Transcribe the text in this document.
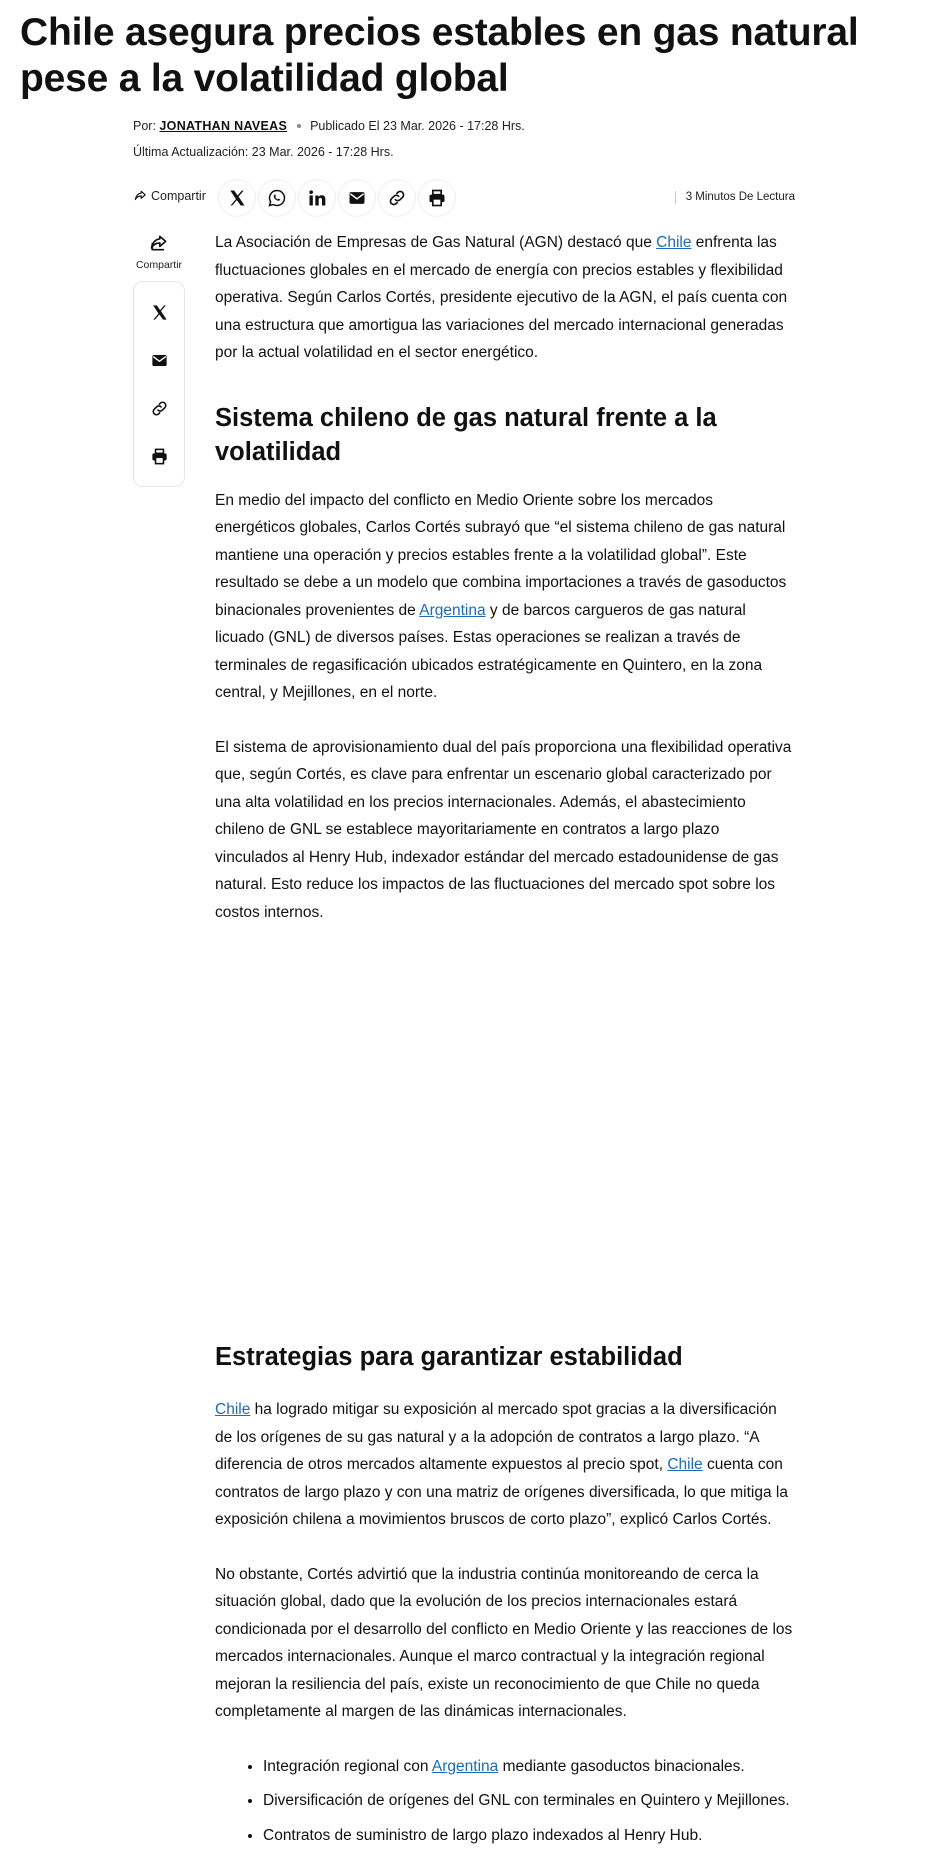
Chile asegura precios estables en gas natural pese a la volatilidad global
Por: JONATHAN NAVEAS Publicado El 23 Mar. 2026 - 17:28 Hrs.
Última Actualización: 23 Mar. 2026 - 17:28 Hrs.
Compartir	3 Minutos De Lectura
Compartir

La Asociación de Empresas de Gas Natural (AGN) destacó que Chile enfrenta las fluctuaciones globales en el mercado de energía con precios estables y flexibilidad operativa. Según Carlos Cortés, presidente ejecutivo de la AGN, el país cuenta con una estructura que amortigua las variaciones del mercado internacional generadas por la actual volatilidad en el sector energético.

Sistema chileno de gas natural frente a la volatilidad

En medio del impacto del conflicto en Medio Oriente sobre los mercados energéticos globales, Carlos Cortés subrayó que “el sistema chileno de gas natural mantiene una operación y precios estables frente a la volatilidad global”. Este resultado se debe a un modelo que combina importaciones a través de gasoductos binacionales provenientes de Argentina y de barcos cargueros de gas natural licuado (GNL) de diversos países. Estas operaciones se realizan a través de terminales de regasificación ubicados estratégicamente en Quintero, en la zona central, y Mejillones, en el norte.

El sistema de aprovisionamiento dual del país proporciona una flexibilidad operativa que, según Cortés, es clave para enfrentar un escenario global caracterizado por una alta volatilidad en los precios internacionales. Además, el abastecimiento chileno de GNL se establece mayoritariamente en contratos a largo plazo vinculados al Henry Hub, indexador estándar del mercado estadounidense de gas natural. Esto reduce los impactos de las fluctuaciones del mercado spot sobre los costos internos.

Estrategias para garantizar estabilidad

Chile ha logrado mitigar su exposición al mercado spot gracias a la diversificación de los orígenes de su gas natural y a la adopción de contratos a largo plazo. “A diferencia de otros mercados altamente expuestos al precio spot, Chile cuenta con contratos de largo plazo y con una matriz de orígenes diversificada, lo que mitiga la exposición chilena a movimientos bruscos de corto plazo”, explicó Carlos Cortés.

No obstante, Cortés advirtió que la industria continúa monitoreando de cerca la situación global, dado que la evolución de los precios internacionales estará condicionada por el desarrollo del conflicto en Medio Oriente y las reacciones de los mercados internacionales. Aunque el marco contractual y la integración regional mejoran la resiliencia del país, existe un reconocimiento de que Chile no queda completamente al margen de las dinámicas internacionales.

• Integración regional con Argentina mediante gasoductos binacionales.
• Diversificación de orígenes del GNL con terminales en Quintero y Mejillones.
• Contratos de suministro de largo plazo indexados al Henry Hub.
